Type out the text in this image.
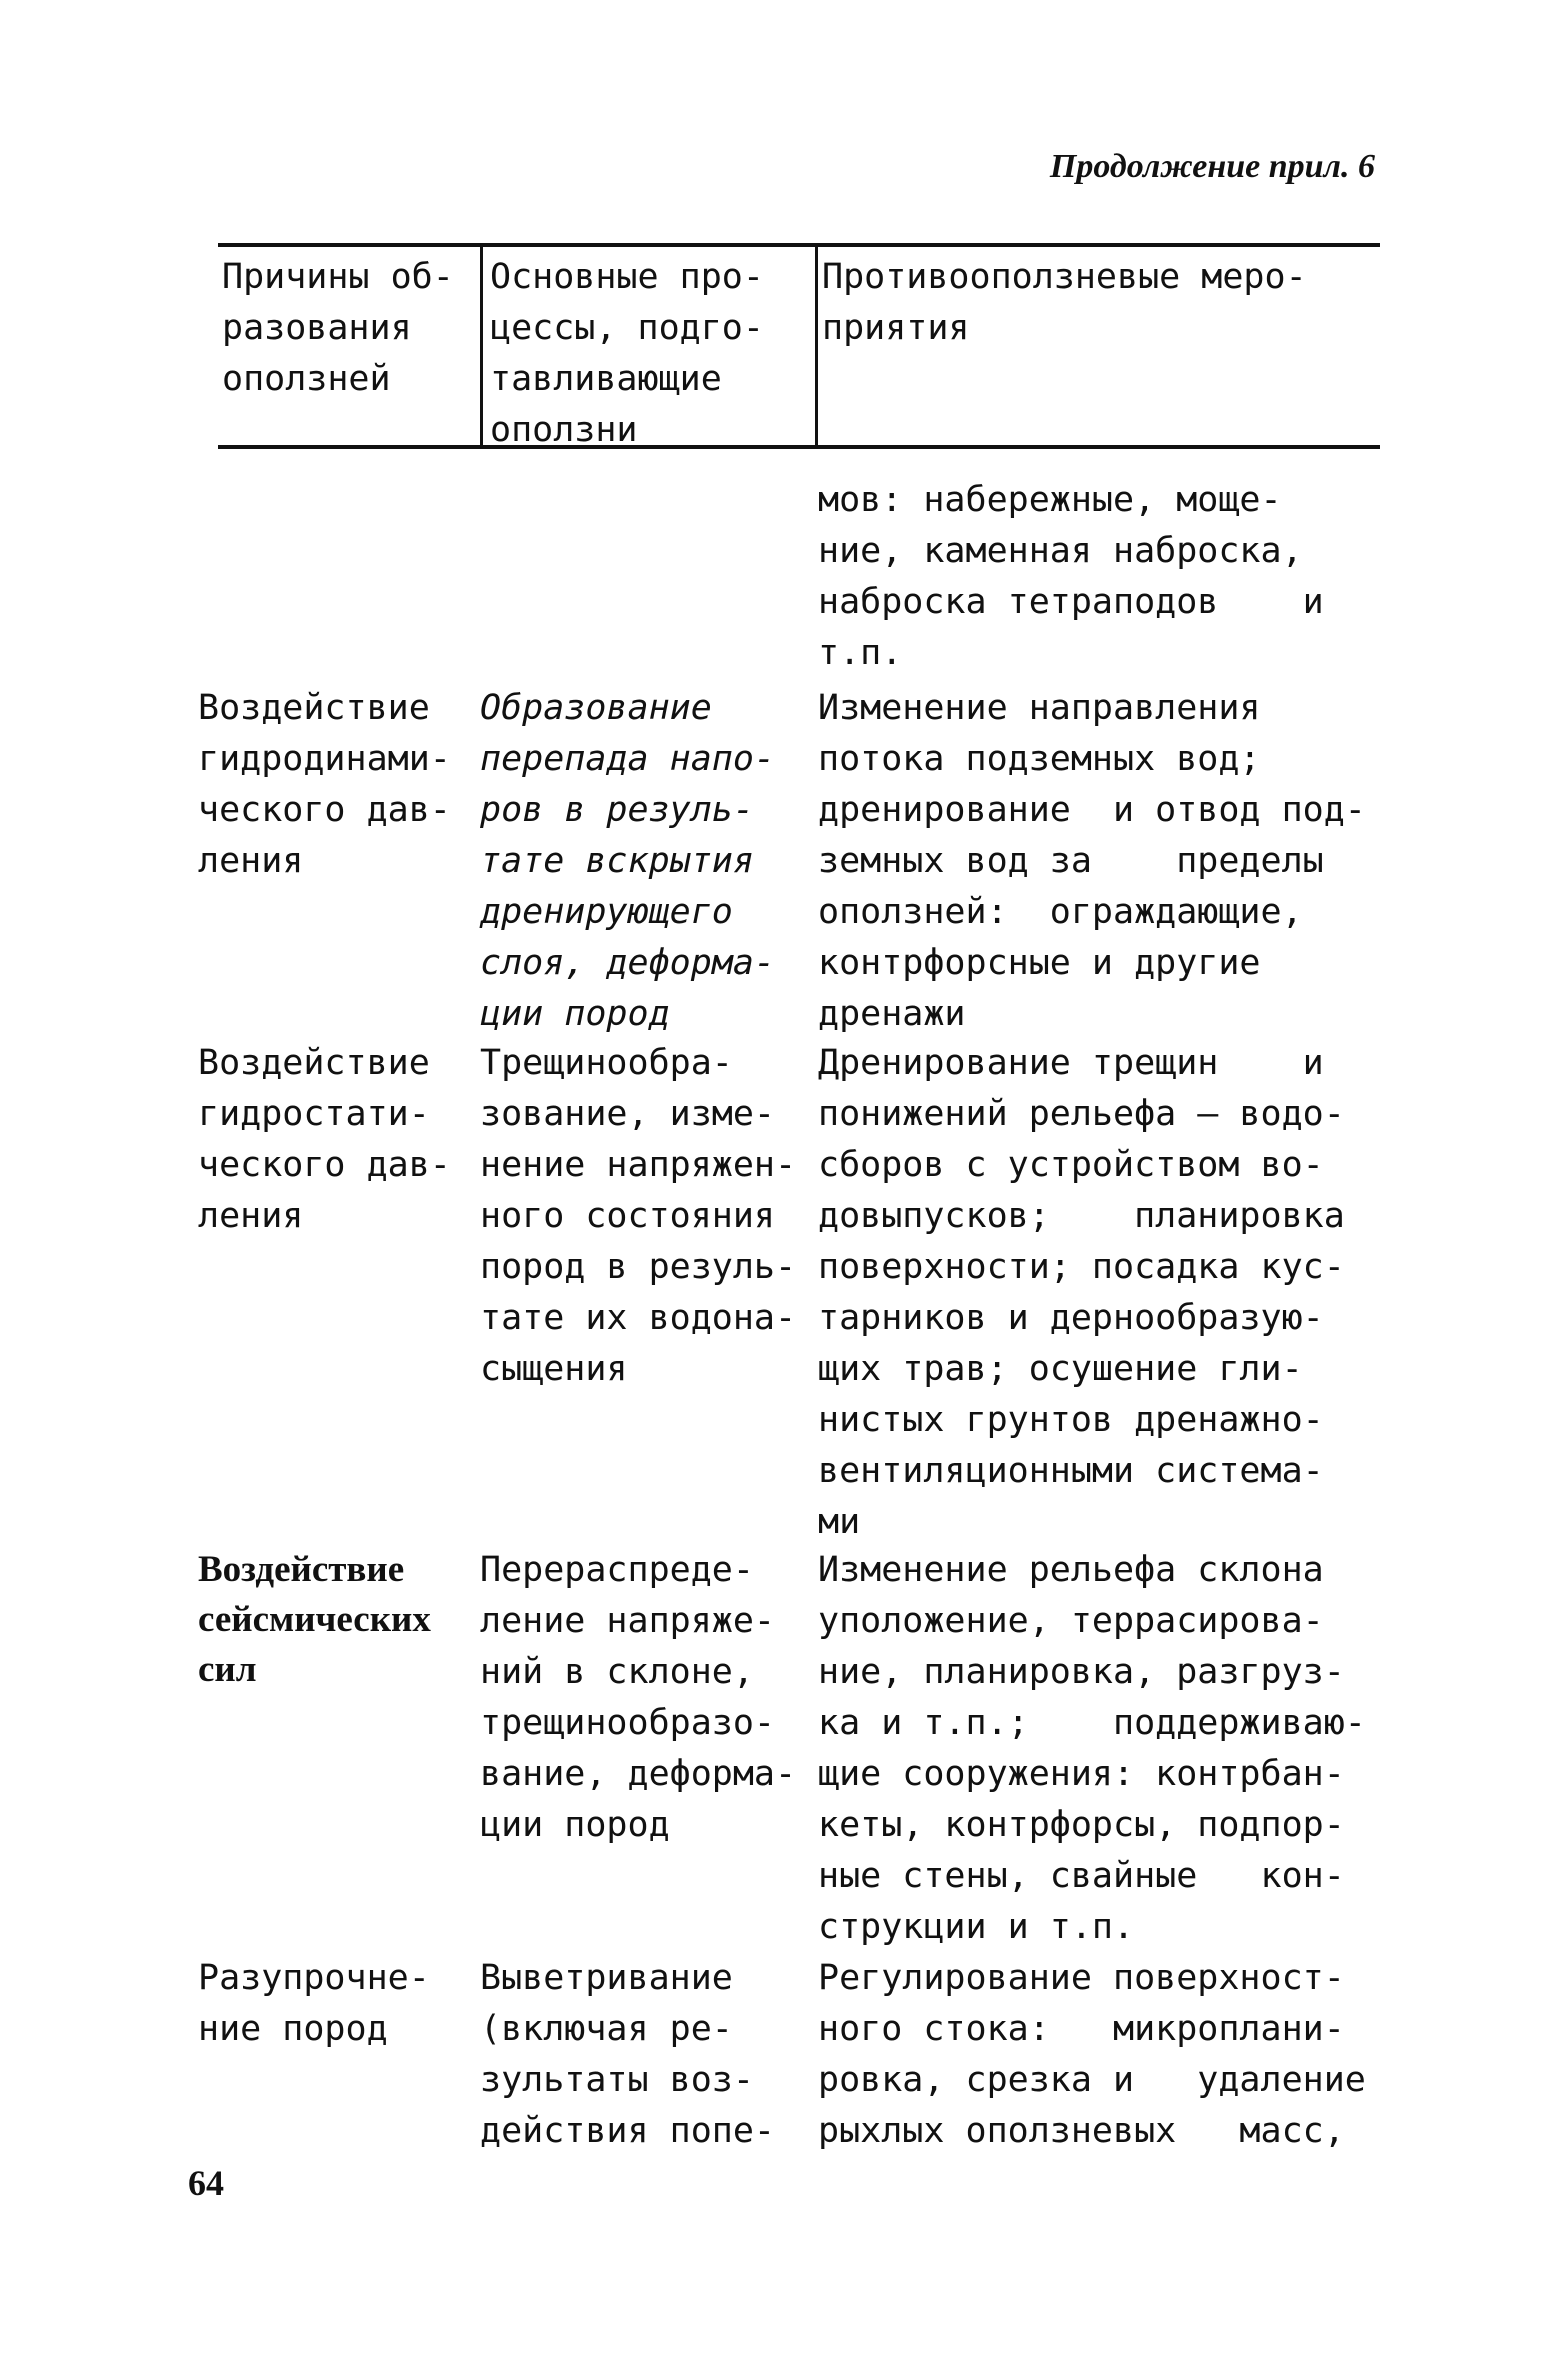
Продолжение прил. 6
Причины об-
разования
оползней
Основные про-
цессы, подго-
тавливающие
оползни
Противооползневые меро-
приятия
мов: набережные, моще-
ние, каменная наброска,
наброска тетраподов    и
т.п.
Воздействие
гидродинами-
ческого дав-
ления
Образование
перепада напо-
ров в резуль-
тате вскрытия
дренирующего
слоя, деформа-
ции пород
Изменение направления
потока подземных вод;
дренирование  и отвод под-
земных вод за    пределы
оползней:  ограждающие,
контрфорсные и другие
дренажи
Воздействие
гидростати-
ческого дав-
ления
Трещинообра-
зование, изме-
нение напряжен-
ного состояния
пород в резуль-
тате их водона-
сыщения
Дренирование трещин    и
понижений рельефа – водо-
сборов с устройством во-
довыпусков;    планировка
поверхности; посадка кус-
тарников и дернообразую-
щих трав; осушение гли-
нистых грунтов дренажно-
вентиляционными система-
ми
Воздействие
сейсмических
сил
Перераспреде-
ление напряже-
ний в склоне,
трещинообразо-
вание, деформа-
ции пород
Изменение рельефа склона
уположение, террасирова-
ние, планировка, разгруз-
ка и т.п.;    поддерживаю-
щие сооружения: контрбан-
кеты, контрфорсы, подпор-
ные стены, свайные   кон-
струкции и т.п.
Разупрочне-
ние пород
Выветривание
(включая ре-
зультаты воз-
действия попе-
Регулирование поверхност-
ного стока:   микроплани-
ровка, срезка и   удаление
рыхлых оползневых   масс,
64
